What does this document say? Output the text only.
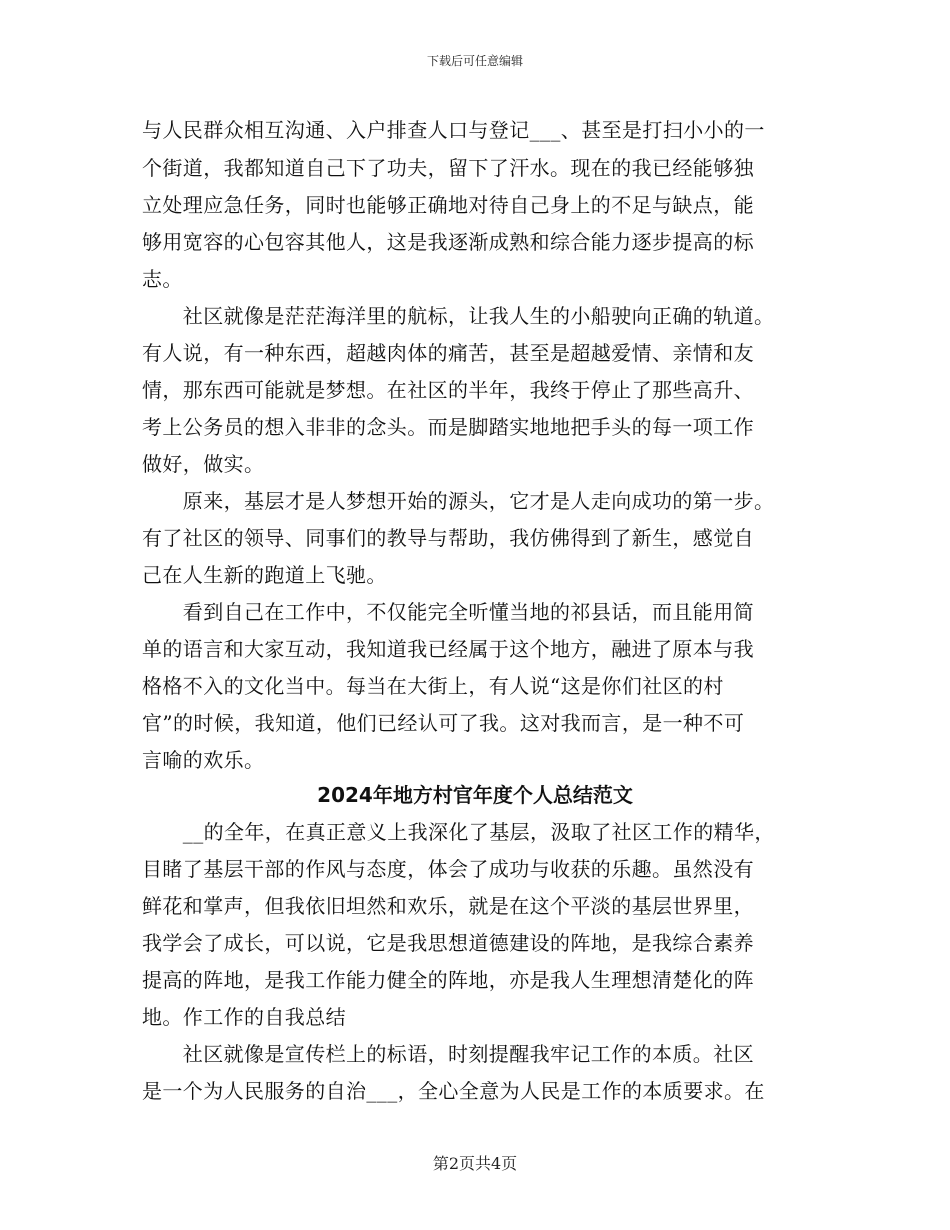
下载后可任意编辑

与人民群众相互沟通、入户排查人口与登记___、甚至是打扫小小的一

个街道，我都知道自己下了功夫，留下了汗水。现在的我已经能够独

立处理应急任务，同时也能够正确地对待自己身上的不足与缺点，能

够用宽容的心包容其他人，这是我逐渐成熟和综合能力逐步提高的标

志。

　　社区就像是茫茫海洋里的航标，让我人生的小船驶向正确的轨道。

有人说，有一种东西，超越肉体的痛苦，甚至是超越爱情、亲情和友

情，那东西可能就是梦想。在社区的半年，我终于停止了那些高升、

考上公务员的想入非非的念头。而是脚踏实地地把手头的每一项工作

做好，做实。

　　原来，基层才是人梦想开始的源头，它才是人走向成功的第一步。

有了社区的领导、同事们的教导与帮助，我仿佛得到了新生，感觉自

己在人生新的跑道上飞驰。

　　看到自己在工作中，不仅能完全听懂当地的祁县话，而且能用简

单的语言和大家互动，我知道我已经属于这个地方，融进了原本与我

格格不入的文化当中。每当在大街上，有人说“这是你们社区的村

官”的时候，我知道，他们已经认可了我。这对我而言，是一种不可

言喻的欢乐。

2024年地方村官年度个人总结范文

　　__的全年，在真正意义上我深化了基层，汲取了社区工作的精华，

目睹了基层干部的作风与态度，体会了成功与收获的乐趣。虽然没有

鲜花和掌声，但我依旧坦然和欢乐，就是在这个平淡的基层世界里，

我学会了成长，可以说，它是我思想道德建设的阵地，是我综合素养

提高的阵地，是我工作能力健全的阵地，亦是我人生理想清楚化的阵

地。作工作的自我总结

　　社区就像是宣传栏上的标语，时刻提醒我牢记工作的本质。社区

是一个为人民服务的自治___，全心全意为人民是工作的本质要求。在

第2页共4页
